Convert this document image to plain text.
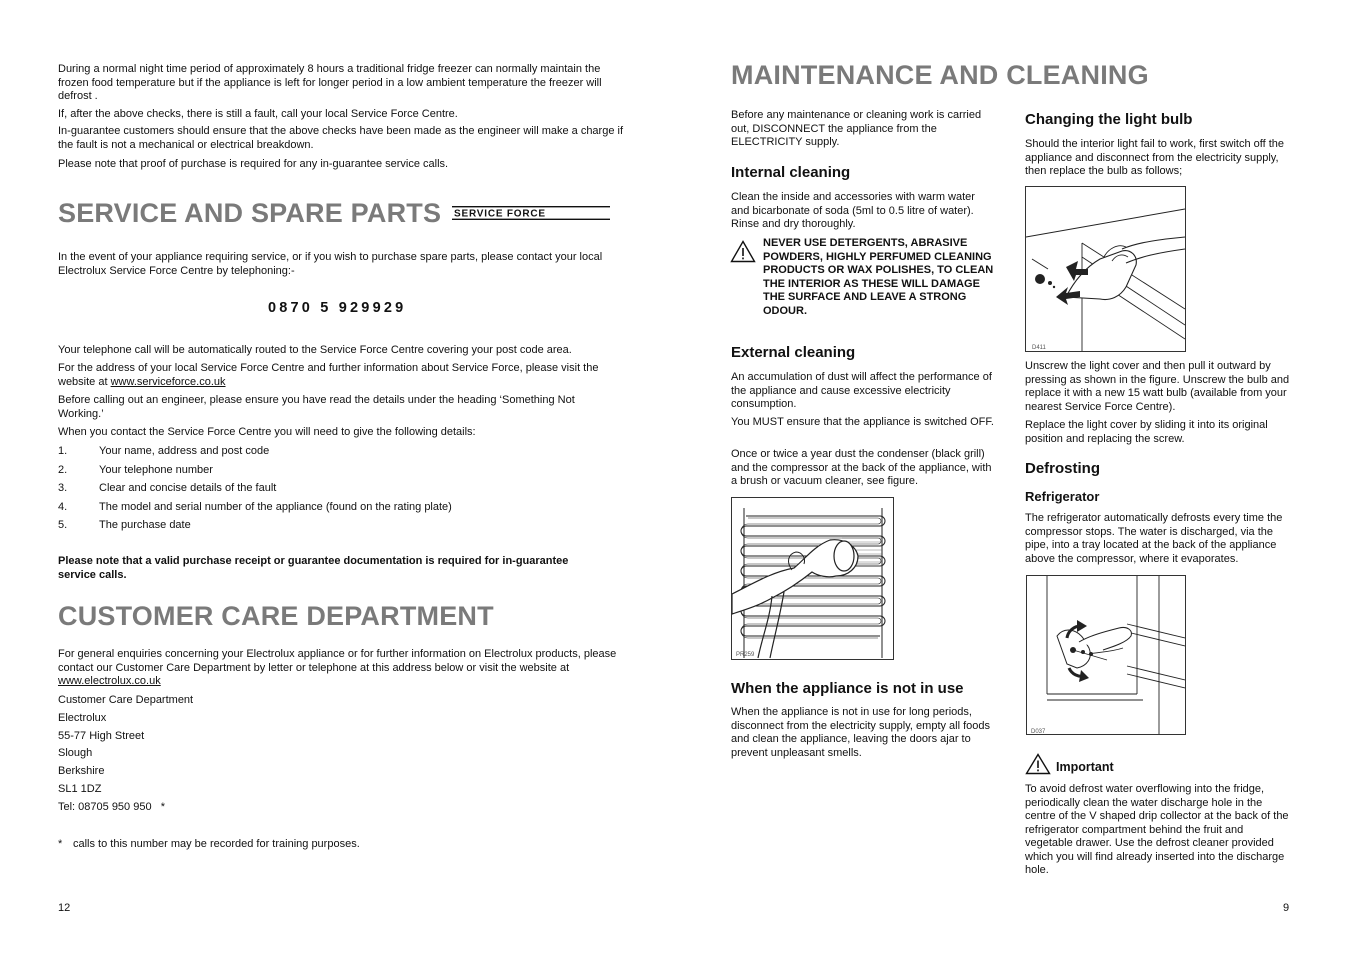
During a normal night time period of approximately 8 hours a traditional fridge freezer can normally maintain the frozen food temperature but if the appliance is left for longer period in a low ambient temperature the freezer will defrost .

If, after the above checks, there is still a fault, call your local Service Force Centre.

In-guarantee customers should ensure that the above checks have been made as the engineer will make a charge if the fault is not a mechanical or electrical breakdown.

Please note that proof of purchase is required for any in-guarantee service calls.

SERVICE AND SPARE PARTS SERVICE FORCE

In the event of your appliance requiring service, or if you wish to purchase spare parts, please contact your local Electrolux Service Force Centre by telephoning:-

0870 5 929929

Your telephone call will be automatically routed to the Service Force Centre covering your post code area.

For the address of your local Service Force Centre and further information about Service Force, please visit the website at www.serviceforce.co.uk

Before calling out an engineer, please ensure you have read the details under the heading ‘Something Not Working.’

When you contact the Service Force Centre you will need to give the following details:

1.	Your name, address and post code
2.	Your telephone number
3.	Clear and concise details of the fault
4.	The model and serial number of the appliance (found on the rating plate)
5.	The purchase date

Please note that a valid purchase receipt or guarantee documentation is required for in-guarantee service calls.

CUSTOMER CARE DEPARTMENT

For general enquiries concerning your Electrolux appliance or for further information on Electrolux products, please contact our Customer Care Department by letter or telephone at this address below or visit the website at www.electrolux.co.uk

Customer Care Department
Electrolux
55-77 High Street
Slough
Berkshire
SL1 1DZ
Tel: 08705 950 950   *
* calls to this number may be recorded for training purposes.
12
MAINTENANCE AND CLEANING

Before any maintenance or cleaning work is carried out, DISCONNECT the appliance from the ELECTRICITY supply.

Internal cleaning

Clean the inside and accessories with warm water and bicarbonate of soda (5ml to 0.5 litre of water). Rinse and dry thoroughly.

NEVER USE DETERGENTS, ABRASIVE POWDERS, HIGHLY PERFUMED CLEANING PRODUCTS OR WAX POLISHES, TO CLEAN THE INTERIOR AS THESE WILL DAMAGE THE SURFACE AND LEAVE A STRONG ODOUR.

External cleaning

An accumulation of dust will affect the performance of the appliance and cause excessive electricity consumption.

You MUST ensure that the appliance is switched OFF.

Once or twice a year dust the condenser (black grill) and the compressor at the back of the appliance, with a brush or vacuum cleaner, see figure.

PR259
When the appliance is not in use

When the appliance is not in use for long periods, disconnect from the electricity supply, empty all foods and clean the appliance, leaving the doors ajar to prevent unpleasant smells.

Changing the light bulb

Should the interior light fail to work, first switch off the appliance and disconnect from the electricity supply, then replace the bulb as follows;

D411

Unscrew the light cover and then pull it outward by pressing as shown in the figure. Unscrew the bulb and replace it with a new 15 watt bulb (available from your nearest Service Force Centre).

Replace the light cover by sliding it into its original position and replacing the screw.

Defrosting
Refrigerator

The refrigerator automatically defrosts every time the compressor stops. The water is discharged, via the pipe, into a tray located at the back of the appliance above the compressor, where it evaporates.

D037
Important

To avoid defrost water overflowing into the fridge, periodically clean the water discharge hole in the centre of the V shaped drip collector at the back of the refrigerator compartment behind the fruit and vegetable drawer. Use the defrost cleaner provided which you will find already inserted into the discharge hole.

9
